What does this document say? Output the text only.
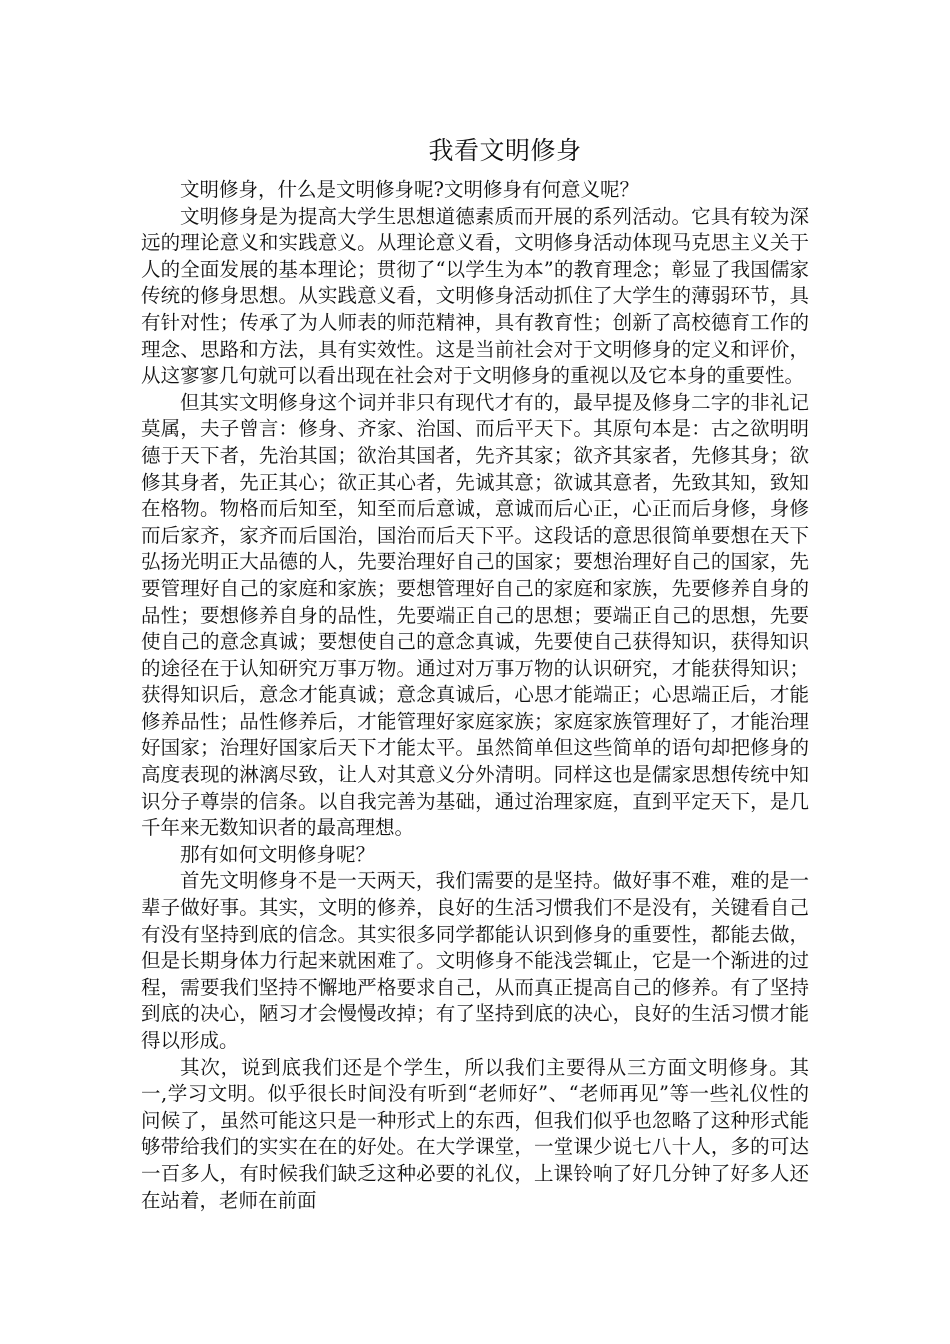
我看文明修身

文明修身，什么是文明修身呢?文明修身有何意义呢？

文明修身是为提高大学生思想道德素质而开展的系列活动。它具有较为深远的理论意义和实践意义。从理论意义看，文明修身活动体现马克思主义关于人的全面发展的基本理论；贯彻了“以学生为本”的教育理念；彰显了我国儒家传统的修身思想。从实践意义看，文明修身活动抓住了大学生的薄弱环节，具有针对性；传承了为人师表的师范精神，具有教育性；创新了高校德育工作的理念、思路和方法，具有实效性。这是当前社会对于文明修身的定义和评价，从这寥寥几句就可以看出现在社会对于文明修身的重视以及它本身的重要性。

但其实文明修身这个词并非只有现代才有的，最早提及修身二字的非礼记莫属，夫子曾言：修身、齐家、治国、而后平天下。其原句本是：古之欲明明德于天下者，先治其国；欲治其国者，先齐其家；欲齐其家者，先修其身；欲修其身者，先正其心；欲正其心者，先诚其意；欲诚其意者，先致其知，致知在格物。物格而后知至，知至而后意诚，意诚而后心正，心正而后身修，身修而后家齐，家齐而后国治，国治而后天下平。这段话的意思很简单要想在天下弘扬光明正大品德的人，先要治理好自己的国家；要想治理好自己的国家，先要管理好自己的家庭和家族；要想管理好自己的家庭和家族，先要修养自身的品性；要想修养自身的品性，先要端正自己的思想；要端正自己的思想，先要使自己的意念真诚；要想使自己的意念真诚，先要使自己获得知识，获得知识的途径在于认知研究万事万物。通过对万事万物的认识研究，才能获得知识；获得知识后，意念才能真诚；意念真诚后，心思才能端正；心思端正后，才能修养品性；品性修养后，才能管理好家庭家族；家庭家族管理好了，才能治理好国家；治理好国家后天下才能太平。虽然简单但这些简单的语句却把修身的高度表现的淋漓尽致，让人对其意义分外清明。同样这也是儒家思想传统中知识分子尊崇的信条。以自我完善为基础，通过治理家庭，直到平定天下，是几千年来无数知识者的最高理想。

那有如何文明修身呢？

首先文明修身不是一天两天，我们需要的是坚持。做好事不难，难的是一辈子做好事。其实，文明的修养，良好的生活习惯我们不是没有，关键看自己有没有坚持到底的信念。其实很多同学都能认识到修身的重要性，都能去做，但是长期身体力行起来就困难了。文明修身不能浅尝辄止，它是一个渐进的过程，需要我们坚持不懈地严格要求自己，从而真正提高自己的修养。有了坚持到底的决心，陋习才会慢慢改掉；有了坚持到底的决心，良好的生活习惯才能得以形成。

其次，说到底我们还是个学生，所以我们主要得从三方面文明修身。其一,学习文明。似乎很长时间没有听到“老师好”、“老师再见”等一些礼仪性的问候了，虽然可能这只是一种形式上的东西，但我们似乎也忽略了这种形式能够带给我们的实实在在的好处。在大学课堂，一堂课少说七八十人，多的可达一百多人，有时候我们缺乏这种必要的礼仪，上课铃响了好几分钟了好多人还在站着，老师在前面
